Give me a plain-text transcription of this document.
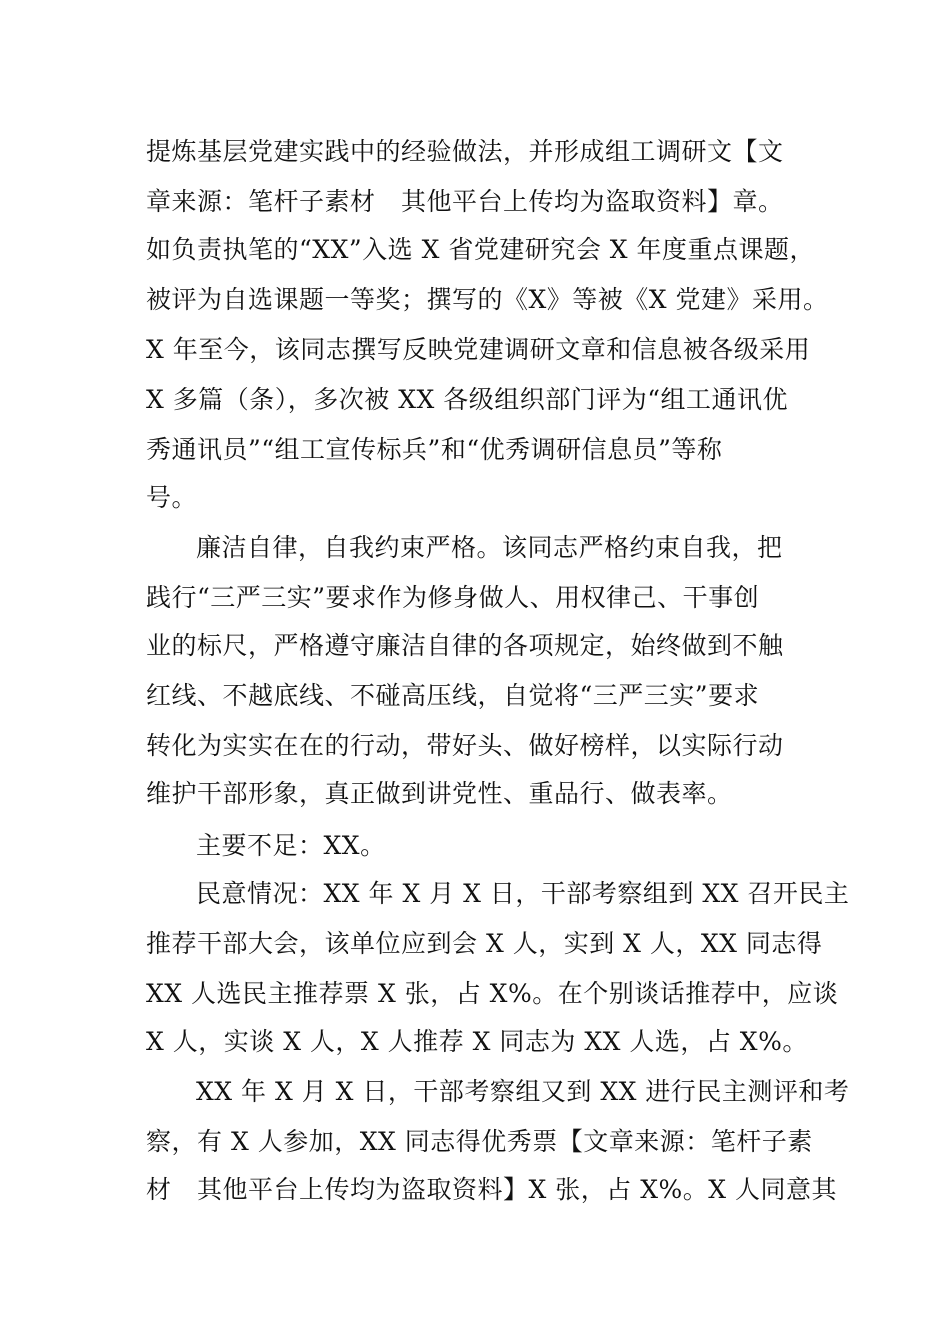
提炼基层党建实践中的经验做法，并形成组工调研文【文
章来源：笔杆子素材　其他平台上传均为盗取资料】章。
如负责执笔的“XX”入选 X 省党建研究会 X 年度重点课题，
被评为自选课题一等奖；撰写的《X》等被《X 党建》采用。
X 年至今，该同志撰写反映党建调研文章和信息被各级采用
X 多篇（条），多次被 XX 各级组织部门评为“组工通讯优
秀通讯员”“组工宣传标兵”和“优秀调研信息员”等称
号。
廉洁自律，自我约束严格。该同志严格约束自我，把
践行“三严三实”要求作为修身做人、用权律己、干事创
业的标尺，严格遵守廉洁自律的各项规定，始终做到不触
红线、不越底线、不碰高压线，自觉将“三严三实”要求
转化为实实在在的行动，带好头、做好榜样，以实际行动
维护干部形象，真正做到讲党性、重品行、做表率。
主要不足：XX。
民意情况：XX 年 X 月 X 日，干部考察组到 XX 召开民主
推荐干部大会，该单位应到会 X 人，实到 X 人，XX 同志得
XX 人选民主推荐票 X 张，占 X%。在个别谈话推荐中，应谈
X 人，实谈 X 人，X 人推荐 X 同志为 XX 人选，占 X%。
XX 年 X 月 X 日，干部考察组又到 XX 进行民主测评和考
察，有 X 人参加，XX 同志得优秀票【文章来源：笔杆子素
材　其他平台上传均为盗取资料】X 张，占 X%。X 人同意其
